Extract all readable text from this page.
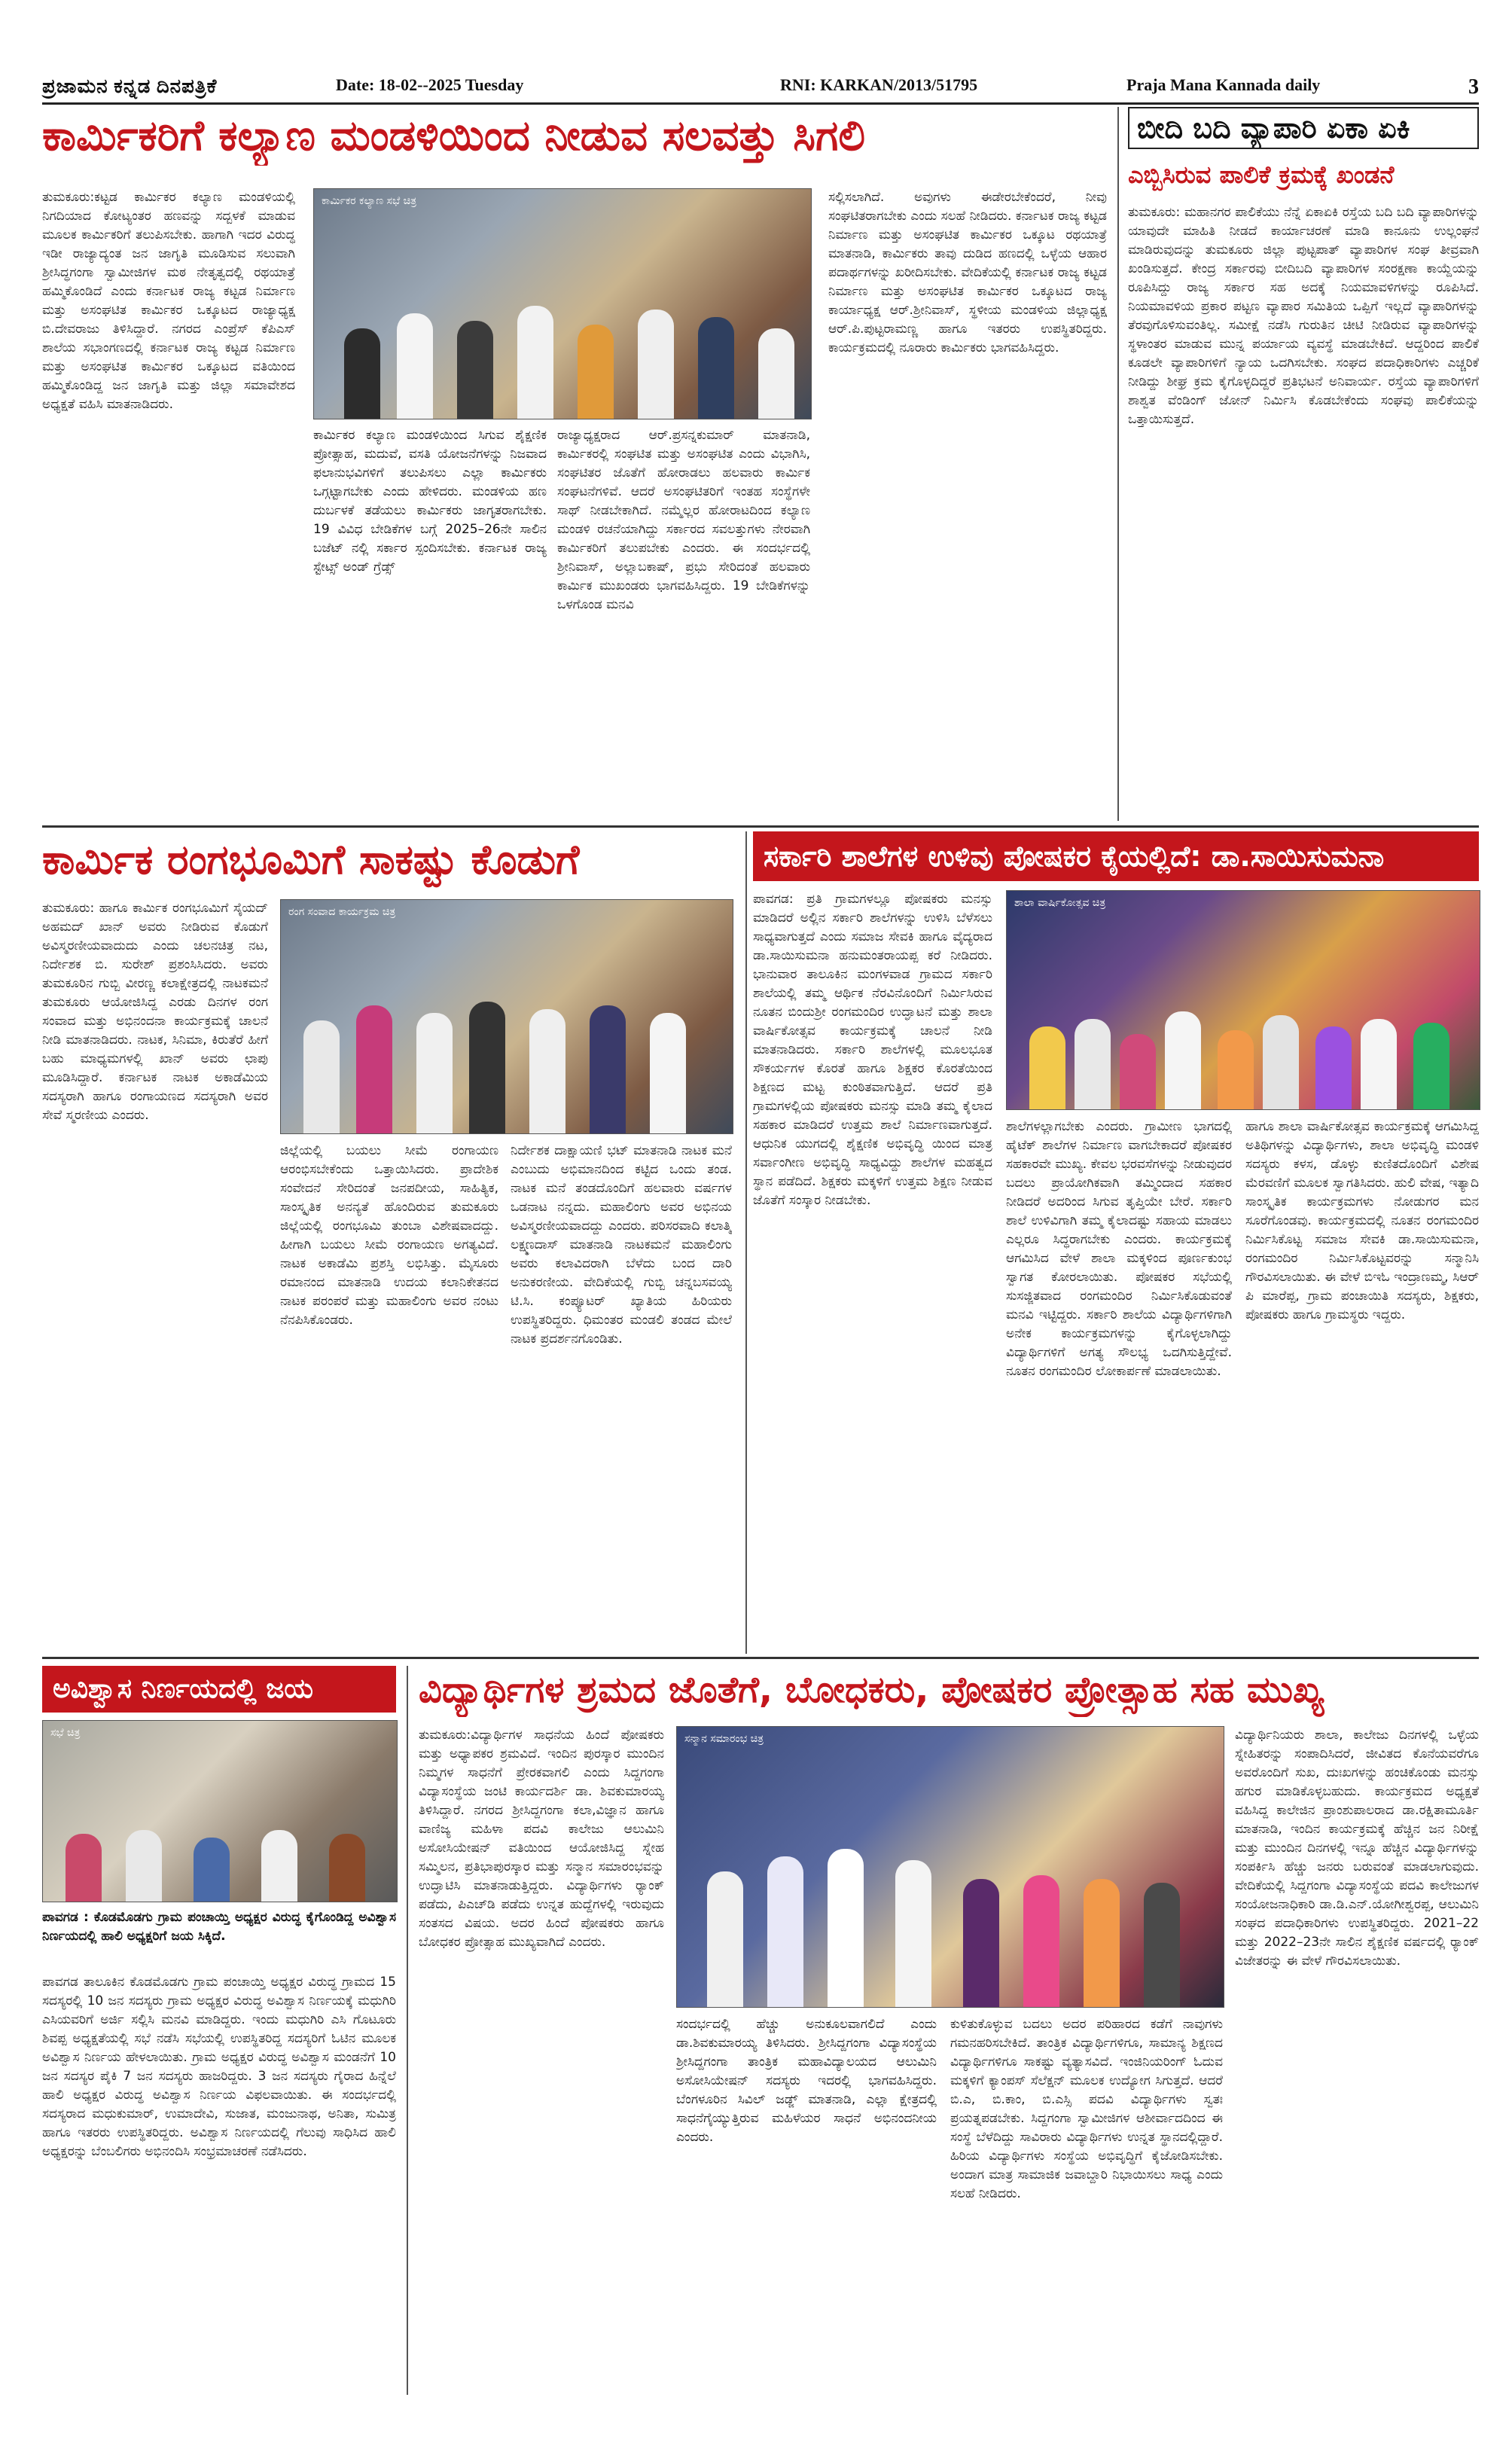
ಪ್ರಜಾಮನ ಕನ್ನಡ ದಿನಪತ್ರಿಕೆ	Date: 18-02--2025 Tuesday	RNI: KARKAN/2013/51795	Praja Mana Kannada daily	3
ಕಾರ್ಮಿಕರಿಗೆ ಕಲ್ಯಾಣ ಮಂಡಳಿಯಿಂದ ನೀಡುವ ಸಲವತ್ತು ಸಿಗಲಿ
ತುಮಕೂರು:ಕಟ್ಟಡ ಕಾರ್ಮಿಕರ ಕಲ್ಯಾಣ ಮಂಡಳಿಯಲ್ಲಿ ನಿಗದಿಯಾದ ಕೋಟ್ಯಂತರ ಹಣವನ್ನು ಸದ್ಬಳಕೆ ಮಾಡುವ ಮೂಲಕ ಕಾರ್ಮಿಕರಿಗೆ ತಲುಪಿಸಬೇಕು. ಹಾಗಾಗಿ ಇದರ ವಿರುದ್ಧ ಇಡೀ ರಾಜ್ಯಾದ್ಯಂತ ಜನ ಜಾಗೃತಿ ಮೂಡಿಸುವ ಸಲುವಾಗಿ ಶ್ರೀಸಿದ್ಧಗಂಗಾ ಸ್ವಾಮೀಜಿಗಳ ಮಠ ನೇತೃತ್ವದಲ್ಲಿ ರಥಯಾತ್ರೆ ಹಮ್ಮಿಕೊಂಡಿದೆ ಎಂದು ಕರ್ನಾಟಕ ರಾಜ್ಯ ಕಟ್ಟಡ ನಿರ್ಮಾಣ ಮತ್ತು ಅಸಂಘಟಿತ ಕಾರ್ಮಿಕರ ಒಕ್ಕೂಟದ ರಾಜ್ಯಾಧ್ಯಕ್ಷ ಬಿ.ದೇವರಾಜು ತಿಳಿಸಿದ್ದಾರೆ. ನಗರದ ಎಂಪ್ರೆಸ್ ಕೆಪಿಎಸ್ ಶಾಲೆಯ ಸಭಾಂಗಣದಲ್ಲಿ ಕರ್ನಾಟಕ ರಾಜ್ಯ ಕಟ್ಟಡ ನಿರ್ಮಾಣ ಮತ್ತು ಅಸಂಘಟಿತ ಕಾರ್ಮಿಕರ ಒಕ್ಕೂಟದ ವತಿಯಿಂದ ಹಮ್ಮಿಕೊಂಡಿದ್ದ ಜನ ಜಾಗೃತಿ ಮತ್ತು ಜಿಲ್ಲಾ ಸಮಾವೇಶದ ಅಧ್ಯಕ್ಷತೆ ವಹಿಸಿ ಮಾತನಾಡಿದರು.
ಕಾರ್ಮಿಕರ ಕಲ್ಯಾಣ ಸಭೆ ಚಿತ್ರ
ಕಾರ್ಮಿಕರ ಕಲ್ಯಾಣ ಮಂಡಳಿಯಿಂದ ಸಿಗುವ ಶೈಕ್ಷಣಿಕ ಪ್ರೋತ್ಸಾಹ, ಮದುವೆ, ವಸತಿ ಯೋಜನೆಗಳನ್ನು ನಿಜವಾದ ಫಲಾನುಭವಿಗಳಿಗೆ ತಲುಪಿಸಲು ಎಲ್ಲಾ ಕಾರ್ಮಿಕರು ಒಗ್ಗಟ್ಟಾಗಬೇಕು ಎಂದು ಹೇಳಿದರು. ಮಂಡಳಿಯ ಹಣ ದುರ್ಬಳಕೆ ತಡೆಯಲು ಕಾರ್ಮಿಕರು ಜಾಗೃತರಾಗಬೇಕು. 19 ವಿವಿಧ ಬೇಡಿಕೆಗಳ ಬಗ್ಗೆ 2025–26ನೇ ಸಾಲಿನ ಬಜೆಟ್ ನಲ್ಲಿ ಸರ್ಕಾರ ಸ್ಪಂದಿಸಬೇಕು. ಕರ್ನಾಟಕ ರಾಜ್ಯ ಸ್ಟೇಟ್ಸ್ ಅಂಡ್ ಗ್ರೆಡ್ಸ್
ರಾಜ್ಯಾಧ್ಯಕ್ಷರಾದ ಆರ್.ಪ್ರಸನ್ನಕುಮಾರ್ ಮಾತನಾಡಿ, ಕಾರ್ಮಿಕರಲ್ಲಿ ಸಂಘಟಿತ ಮತ್ತು ಅಸಂಘಟಿತ ಎಂದು ವಿಭಾಗಿಸಿ, ಸಂಘಟಿತರ ಜೊತೆಗೆ ಹೋರಾಡಲು ಹಲವಾರು ಕಾರ್ಮಿಕ ಸಂಘಟನೆಗಳಿವೆ. ಆದರೆ ಅಸಂಘಟಿತರಿಗೆ ಇಂತಹ ಸಂಸ್ಥೆಗಳೇ ಸಾಥ್ ನೀಡಬೇಕಾಗಿದೆ. ನಮ್ಮೆಲ್ಲರ ಹೋರಾಟದಿಂದ ಕಲ್ಯಾಣ ಮಂಡಳಿ ರಚನೆಯಾಗಿದ್ದು ಸರ್ಕಾರದ ಸವಲತ್ತುಗಳು ನೇರವಾಗಿ ಕಾರ್ಮಿಕರಿಗೆ ತಲುಪಬೇಕು ಎಂದರು. ಈ ಸಂದರ್ಭದಲ್ಲಿ ಶ್ರೀನಿವಾಸ್, ಅಲ್ಲಾಬಕಾಷ್, ಪ್ರಭು ಸೇರಿದಂತೆ ಹಲವಾರು ಕಾರ್ಮಿಕ ಮುಖಂಡರು ಭಾಗವಹಿಸಿದ್ದರು. 19 ಬೇಡಿಕೆಗಳನ್ನು ಒಳಗೊಂಡ ಮನವಿ
ಸಲ್ಲಿಸಲಾಗಿದೆ. ಅವುಗಳು ಈಡೇರಬೇಕೆಂದರೆ, ನೀವು ಸಂಘಟಿತರಾಗಬೇಕು ಎಂದು ಸಲಹೆ ನೀಡಿದರು. ಕರ್ನಾಟಕ ರಾಜ್ಯ ಕಟ್ಟಡ ನಿರ್ಮಾಣ ಮತ್ತು ಅಸಂಘಟಿತ ಕಾರ್ಮಿಕರ ಒಕ್ಕೂಟ ರಥಯಾತ್ರೆ ಮಾತನಾಡಿ, ಕಾರ್ಮಿಕರು ತಾವು ದುಡಿದ ಹಣದಲ್ಲಿ ಒಳ್ಳೆಯ ಆಹಾರ ಪದಾರ್ಥಗಳನ್ನು ಖರೀದಿಸಬೇಕು. ವೇದಿಕೆಯಲ್ಲಿ ಕರ್ನಾಟಕ ರಾಜ್ಯ ಕಟ್ಟಡ ನಿರ್ಮಾಣ ಮತ್ತು ಅಸಂಘಟಿತ ಕಾರ್ಮಿಕರ ಒಕ್ಕೂಟದ ರಾಜ್ಯ ಕಾರ್ಯಾಧ್ಯಕ್ಷ ಆರ್.ಶ್ರೀನಿವಾಸ್, ಸ್ಥಳೀಯ ಮಂಡಳಿಯ ಜಿಲ್ಲಾಧ್ಯಕ್ಷ ಆರ್.ಪಿ.ಪುಟ್ಟರಾಮಣ್ಣ ಹಾಗೂ ಇತರರು ಉಪಸ್ಥಿತರಿದ್ದರು. ಕಾರ್ಯಕ್ರಮದಲ್ಲಿ ನೂರಾರು ಕಾರ್ಮಿಕರು ಭಾಗವಹಿಸಿದ್ದರು.
ಬೀದಿ ಬದಿ ವ್ಯಾಪಾರಿ ಏಕಾ ಏಕಿ
ಎಬ್ಬಿಸಿರುವ ಪಾಲಿಕೆ ಕ್ರಮಕ್ಕೆ ಖಂಡನೆ
ತುಮಕೂರು: ಮಹಾನಗರ ಪಾಲಿಕೆಯು ನೆನ್ನೆ ಏಕಾಏಕಿ ರಸ್ತೆಯ ಬದಿ ಬದಿ ವ್ಯಾಪಾರಿಗಳನ್ನು ಯಾವುದೇ ಮಾಹಿತಿ ನೀಡದೆ ಕಾರ್ಯಾಚರಣೆ ಮಾಡಿ ಕಾನೂನು ಉಲ್ಲಂಘನೆ ಮಾಡಿರುವುದನ್ನು ತುಮಕೂರು ಜಿಲ್ಲಾ ಪುಟ್ಟಪಾತ್ ವ್ಯಾಪಾರಿಗಳ ಸಂಘ ತೀವ್ರವಾಗಿ ಖಂಡಿಸುತ್ತದೆ. ಕೇಂದ್ರ ಸರ್ಕಾರವು ಬೀದಿಬದಿ ವ್ಯಾಪಾರಿಗಳ ಸಂರಕ್ಷಣಾ ಕಾಯ್ದೆಯನ್ನು ರೂಪಿಸಿದ್ದು ರಾಜ್ಯ ಸರ್ಕಾರ ಸಹ ಅದಕ್ಕೆ ನಿಯಮಾವಳಿಗಳನ್ನು ರೂಪಿಸಿದೆ. ನಿಯಮಾವಳಿಯ ಪ್ರಕಾರ ಪಟ್ಟಣ ವ್ಯಾಪಾರ ಸಮಿತಿಯ ಒಪ್ಪಿಗೆ ಇಲ್ಲದೆ ವ್ಯಾಪಾರಿಗಳನ್ನು ತೆರವುಗೊಳಿಸುವಂತಿಲ್ಲ. ಸಮೀಕ್ಷೆ ನಡೆಸಿ ಗುರುತಿನ ಚೀಟಿ ನೀಡಿರುವ ವ್ಯಾಪಾರಿಗಳನ್ನು ಸ್ಥಳಾಂತರ ಮಾಡುವ ಮುನ್ನ ಪರ್ಯಾಯ ವ್ಯವಸ್ಥೆ ಮಾಡಬೇಕಿದೆ. ಆದ್ದರಿಂದ ಪಾಲಿಕೆ ಕೂಡಲೇ ವ್ಯಾಪಾರಿಗಳಿಗೆ ನ್ಯಾಯ ಒದಗಿಸಬೇಕು. ಸಂಘದ ಪದಾಧಿಕಾರಿಗಳು ಎಚ್ಚರಿಕೆ ನೀಡಿದ್ದು ಶೀಘ್ರ ಕ್ರಮ ಕೈಗೊಳ್ಳದಿದ್ದರೆ ಪ್ರತಿಭಟನೆ ಅನಿವಾರ್ಯ. ರಸ್ತೆಯ ವ್ಯಾಪಾರಿಗಳಿಗೆ ಶಾಶ್ವತ ವೆಂಡಿಂಗ್ ಜೋನ್ ನಿರ್ಮಿಸಿ ಕೊಡಬೇಕೆಂದು ಸಂಘವು ಪಾಲಿಕೆಯನ್ನು ಒತ್ತಾಯಿಸುತ್ತದೆ.
ಕಾರ್ಮಿಕ ರಂಗಭೂಮಿಗೆ ಸಾಕಷ್ಟು ಕೊಡುಗೆ
ತುಮಕೂರು: ಹಾಗೂ ಕಾರ್ಮಿಕ ರಂಗಭೂಮಿಗೆ ಸೈಯದ್ ಅಹಮದ್ ಖಾನ್ ಅವರು ನೀಡಿರುವ ಕೊಡುಗೆ ಅವಿಸ್ಮರಣೀಯವಾದುದು ಎಂದು ಚಲನಚಿತ್ರ ನಟ, ನಿರ್ದೇಶಕ ಬಿ. ಸುರೇಶ್ ಪ್ರಶಂಸಿಸಿದರು. ಅವರು ತುಮಕೂರಿನ ಗುಬ್ಬಿ ವೀರಣ್ಣ ಕಲಾಕ್ಷೇತ್ರದಲ್ಲಿ ನಾಟಕಮನೆ ತುಮಕೂರು ಆಯೋಜಿಸಿದ್ದ ಎರಡು ದಿನಗಳ ರಂಗ ಸಂವಾದ ಮತ್ತು ಅಭಿನಂದನಾ ಕಾರ್ಯಕ್ರಮಕ್ಕೆ ಚಾಲನೆ ನೀಡಿ ಮಾತನಾಡಿದರು. ನಾಟಕ, ಸಿನಿಮಾ, ಕಿರುತೆರೆ ಹೀಗೆ ಬಹು ಮಾಧ್ಯಮಗಳಲ್ಲಿ ಖಾನ್ ಅವರು ಛಾಪು ಮೂಡಿಸಿದ್ದಾರೆ. ಕರ್ನಾಟಕ ನಾಟಕ ಅಕಾಡೆಮಿಯ ಸದಸ್ಯರಾಗಿ ಹಾಗೂ ರಂಗಾಯಣದ ಸದಸ್ಯರಾಗಿ ಅವರ ಸೇವೆ ಸ್ಮರಣೀಯ ಎಂದರು.
ರಂಗ ಸಂವಾದ ಕಾರ್ಯಕ್ರಮ ಚಿತ್ರ
ಜಿಲ್ಲೆಯಲ್ಲಿ ಬಯಲು ಸೀಮೆ ರಂಗಾಯಣ ಆರಂಭಿಸಬೇಕೆಂದು ಒತ್ತಾಯಿಸಿದರು. ಪ್ರಾದೇಶಿಕ ಸಂವೇದನೆ ಸೇರಿದಂತೆ ಜನಪದೀಯ, ಸಾಹಿತ್ಯಿಕ, ಸಾಂಸ್ಕೃತಿಕ ಅನನ್ಯತೆ ಹೊಂದಿರುವ ತುಮಕೂರು ಜಿಲ್ಲೆಯಲ್ಲಿ ರಂಗಭೂಮಿ ತುಂಬಾ ವಿಶೇಷವಾದದ್ದು. ಹೀಗಾಗಿ ಬಯಲು ಸೀಮೆ ರಂಗಾಯಣ ಅಗತ್ಯವಿದೆ. ನಾಟಕ ಅಕಾಡೆಮಿ ಪ್ರಶಸ್ತಿ ಲಭಿಸಿತ್ತು. ಮೈಸೂರು ರಮಾನಂದ ಮಾತನಾಡಿ ಉದಯ ಕಲಾನಿಕೇತನದ ನಾಟಕ ಪರಂಪರೆ ಮತ್ತು ಮಹಾಲಿಂಗು ಅವರ ನಂಟು ನೆನಪಿಸಿಕೊಂಡರು.
ನಿರ್ದೇಶಕ ದಾಕ್ಷಾಯಣಿ ಭಟ್ ಮಾತನಾಡಿ ನಾಟಕ ಮನೆ ಎಂಬುದು ಅಭಿಮಾನದಿಂದ ಕಟ್ಟಿದ ಒಂದು ತಂಡ. ನಾಟಕ ಮನೆ ತಂಡದೊಂದಿಗೆ ಹಲವಾರು ವರ್ಷಗಳ ಒಡನಾಟ ನನ್ನದು. ಮಹಾಲಿಂಗು ಅವರ ಅಭಿನಯ ಅವಿಸ್ಮರಣೀಯವಾದದ್ದು ಎಂದರು. ಪರಿಸರವಾದಿ ಕಲಾತ್ಮಿ ಲಕ್ಷ್ಮಣದಾಸ್ ಮಾತನಾಡಿ ನಾಟಕಮನೆ ಮಹಾಲಿಂಗು ಅವರು ಕಲಾವಿದರಾಗಿ ಬೆಳೆದು ಬಂದ ದಾರಿ ಅನುಕರಣೀಯ. ವೇದಿಕೆಯಲ್ಲಿ ಗುಬ್ಬಿ ಚನ್ನಬಸವಯ್ಯ ಟಿ.ಸಿ. ಕಂಪ್ಯೂಟರ್ ಖ್ಯಾತಿಯ ಹಿರಿಯರು ಉಪಸ್ಥಿತರಿದ್ದರು. ಧಿಮಂತರ ಮಂಡಲಿ ತಂಡದ ಮೇಲೆ ನಾಟಕ ಪ್ರದರ್ಶನಗೊಂಡಿತು.
ಸರ್ಕಾರಿ ಶಾಲೆಗಳ ಉಳಿವು ಪೋಷಕರ ಕೈಯಲ್ಲಿದೆ: ಡಾ.ಸಾಯಿಸುಮನಾ
ಪಾವಗಡ: ಪ್ರತಿ ಗ್ರಾಮಗಳಲ್ಲೂ ಪೋಷಕರು ಮನಸ್ಸು ಮಾಡಿದರೆ ಅಲ್ಲಿನ ಸರ್ಕಾರಿ ಶಾಲೆಗಳನ್ನು ಉಳಿಸಿ ಬೆಳೆಸಲು ಸಾಧ್ಯವಾಗುತ್ತದೆ ಎಂದು ಸಮಾಜ ಸೇವಕಿ ಹಾಗೂ ವೈದ್ಯರಾದ ಡಾ.ಸಾಯಿಸುಮನಾ ಹನುಮಂತರಾಯಪ್ಪ ಕರೆ ನೀಡಿದರು. ಭಾನುವಾರ ತಾಲೂಕಿನ ಮಂಗಳವಾಡ ಗ್ರಾಮದ ಸರ್ಕಾರಿ ಶಾಲೆಯಲ್ಲಿ ತಮ್ಮ ಆರ್ಥಿಕ ನೆರವಿನೊಂದಿಗೆ ನಿರ್ಮಿಸಿರುವ ನೂತನ ಬಿಂದುಶ್ರೀ ರಂಗಮಂದಿರ ಉದ್ಘಾಟನೆ ಮತ್ತು ಶಾಲಾ ವಾರ್ಷಿಕೋತ್ಸವ ಕಾರ್ಯಕ್ರಮಕ್ಕೆ ಚಾಲನೆ ನೀಡಿ ಮಾತನಾಡಿದರು. ಸರ್ಕಾರಿ ಶಾಲೆಗಳಲ್ಲಿ ಮೂಲಭೂತ ಸೌಕರ್ಯಗಳ ಕೊರತೆ ಹಾಗೂ ಶಿಕ್ಷಕರ ಕೊರತೆಯಿಂದ ಶಿಕ್ಷಣದ ಮಟ್ಟ ಕುಂಠಿತವಾಗುತ್ತಿದೆ. ಆದರೆ ಪ್ರತಿ ಗ್ರಾಮಗಳಲ್ಲಿಯ ಪೋಷಕರು ಮನಸ್ಸು ಮಾಡಿ ತಮ್ಮ ಕೈಲಾದ ಸಹಕಾರ ಮಾಡಿದರೆ ಉತ್ತಮ ಶಾಲೆ ನಿರ್ಮಾಣವಾಗುತ್ತದೆ. ಆಧುನಿಕ ಯುಗದಲ್ಲಿ ಶೈಕ್ಷಣಿಕ ಅಭಿವೃದ್ಧಿ ಯಿಂದ ಮಾತ್ರ ಸರ್ವಾಂಗೀಣ ಅಭಿವೃದ್ಧಿ ಸಾಧ್ಯವಿದ್ದು ಶಾಲೆಗಳ ಮಹತ್ವದ ಸ್ಥಾನ ಪಡೆದಿದೆ. ಶಿಕ್ಷಕರು ಮಕ್ಕಳಿಗೆ ಉತ್ತಮ ಶಿಕ್ಷಣ ನೀಡುವ ಜೊತೆಗೆ ಸಂಸ್ಕಾರ ನೀಡಬೇಕು.
ಶಾಲಾ ವಾರ್ಷಿಕೋತ್ಸವ ಚಿತ್ರ
ಶಾಲೆಗಳಲ್ಲಾಗಬೇಕು ಎಂದರು. ಗ್ರಾಮೀಣ ಭಾಗದಲ್ಲಿ ಹೈಟೆಕ್ ಶಾಲೆಗಳ ನಿರ್ಮಾಣ ವಾಗಬೇಕಾದರೆ ಪೋಷಕರ ಸಹಕಾರವೇ ಮುಖ್ಯ. ಕೇವಲ ಭರವಸೆಗಳನ್ನು ನೀಡುವುದರ ಬದಲು ಪ್ರಾಯೋಗಿಕವಾಗಿ ತಮ್ಮಿಂದಾದ ಸಹಕಾರ ನೀಡಿದರೆ ಅದರಿಂದ ಸಿಗುವ ತೃಪ್ತಿಯೇ ಬೇರೆ. ಸರ್ಕಾರಿ ಶಾಲೆ ಉಳಿವಿಗಾಗಿ ತಮ್ಮ ಕೈಲಾದಷ್ಟು ಸಹಾಯ ಮಾಡಲು ಎಲ್ಲರೂ ಸಿದ್ಧರಾಗಬೇಕು ಎಂದರು. ಕಾರ್ಯಕ್ರಮಕ್ಕೆ ಆಗಮಿಸಿದ ವೇಳೆ ಶಾಲಾ ಮಕ್ಕಳಿಂದ ಪೂರ್ಣಕುಂಭ ಸ್ವಾಗತ ಕೋರಲಾಯಿತು. ಪೋಷಕರ ಸಭೆಯಲ್ಲಿ ಸುಸಜ್ಜಿತವಾದ ರಂಗಮಂದಿರ ನಿರ್ಮಿಸಿಕೊಡುವಂತೆ ಮನವಿ ಇಟ್ಟಿದ್ದರು. ಸರ್ಕಾರಿ ಶಾಲೆಯ ವಿದ್ಯಾರ್ಥಿಗಳಿಗಾಗಿ ಅನೇಕ ಕಾರ್ಯಕ್ರಮಗಳನ್ನು ಕೈಗೊಳ್ಳಲಾಗಿದ್ದು ವಿದ್ಯಾರ್ಥಿಗಳಿಗೆ ಅಗತ್ಯ ಸೌಲಭ್ಯ ಒದಗಿಸುತ್ತಿದ್ದೇವೆ. ನೂತನ ರಂಗಮಂದಿರ ಲೋಕಾರ್ಪಣೆ ಮಾಡಲಾಯಿತು.
ಹಾಗೂ ಶಾಲಾ ವಾರ್ಷಿಕೋತ್ಸವ ಕಾರ್ಯಕ್ರಮಕ್ಕೆ ಆಗಮಿಸಿದ್ದ ಅತಿಥಿಗಳನ್ನು ವಿದ್ಯಾರ್ಥಿಗಳು, ಶಾಲಾ ಅಭಿವೃದ್ಧಿ ಮಂಡಳಿ ಸದಸ್ಯರು ಕಳಸ, ಡೊಳ್ಳು ಕುಣಿತದೊಂದಿಗೆ ವಿಶೇಷ ಮೆರವಣಿಗೆ ಮೂಲಕ ಸ್ವಾಗತಿಸಿದರು. ಹುಲಿ ವೇಷ, ಇತ್ಯಾದಿ ಸಾಂಸ್ಕೃತಿಕ ಕಾರ್ಯಕ್ರಮಗಳು ನೋಡುಗರ ಮನ ಸೂರೆಗೊಂಡವು. ಕಾರ್ಯಕ್ರಮದಲ್ಲಿ ನೂತನ ರಂಗಮಂದಿರ ನಿರ್ಮಿಸಿಕೊಟ್ಟ ಸಮಾಜ ಸೇವಕಿ ಡಾ.ಸಾಯಿಸುಮನಾ, ರಂಗಮಂದಿರ ನಿರ್ಮಿಸಿಕೊಟ್ಟವರನ್ನು ಸನ್ಮಾನಿಸಿ ಗೌರವಿಸಲಾಯಿತು. ಈ ವೇಳೆ ಬಿಇಓ ಇಂದ್ರಾಣಮ್ಮ, ಸಿಆರ್ ಪಿ ಮಾರೆಪ್ಪ, ಗ್ರಾಮ ಪಂಚಾಯಿತಿ ಸದಸ್ಯರು, ಶಿಕ್ಷಕರು, ಪೋಷಕರು ಹಾಗೂ ಗ್ರಾಮಸ್ಥರು ಇದ್ದರು.
ಅವಿಶ್ವಾಸ ನಿರ್ಣಯದಲ್ಲಿ ಜಯ
ಸಭೆ ಚಿತ್ರ
ಪಾವಗಡ : ಕೊಡಮೊಡಗು ಗ್ರಾಮ ಪಂಚಾಯ್ತಿ ಅಧ್ಯಕ್ಷರ ವಿರುದ್ಧ ಕೈಗೊಂಡಿದ್ದ ಅವಿಶ್ವಾಸ ನಿರ್ಣಯದಲ್ಲಿ ಹಾಲಿ ಅಧ್ಯಕ್ಷರಿಗೆ ಜಯ ಸಿಕ್ಕಿದೆ.
ಪಾವಗಡ ತಾಲೂಕಿನ ಕೊಡಮೊಡಗು ಗ್ರಾಮ ಪಂಚಾಯ್ತಿ ಅಧ್ಯಕ್ಷರ ವಿರುದ್ಧ ಗ್ರಾಮದ 15 ಸದಸ್ಯರಲ್ಲಿ 10 ಜನ ಸದಸ್ಯರು ಗ್ರಾಮ ಅಧ್ಯಕ್ಷರ ವಿರುದ್ಧ ಅವಿಶ್ವಾಸ ನಿರ್ಣಯಕ್ಕೆ ಮಧುಗಿರಿ ಎಸಿಯವರಿಗೆ ಅರ್ಜಿ ಸಲ್ಲಿಸಿ ಮನವಿ ಮಾಡಿದ್ದರು. ಇಂದು ಮಧುಗಿರಿ ಎಸಿ ಗೊಟೂರು ಶಿವಪ್ಪ ಅಧ್ಯಕ್ಷತೆಯಲ್ಲಿ ಸಭೆ ನಡೆಸಿ ಸಭೆಯಲ್ಲಿ ಉಪಸ್ಥಿತರಿದ್ದ ಸದಸ್ಯರಿಗೆ ಓಟಿನ ಮೂಲಕ ಅವಿಶ್ವಾಸ ನಿರ್ಣಯ ಹೇಳಲಾಯಿತು. ಗ್ರಾಮ ಅಧ್ಯಕ್ಷರ ವಿರುದ್ಧ ಅವಿಶ್ವಾಸ ಮಂಡನೆಗೆ 10 ಜನ ಸದಸ್ಯರ ಪೈಕಿ 7 ಜನ ಸದಸ್ಯರು ಹಾಜರಿದ್ದರು. 3 ಜನ ಸದಸ್ಯರು ಗೈರಾದ ಹಿನ್ನೆಲೆ ಹಾಲಿ ಅಧ್ಯಕ್ಷರ ವಿರುದ್ಧ ಅವಿಶ್ವಾಸ ನಿರ್ಣಯ ವಿಫಲವಾಯಿತು. ಈ ಸಂದರ್ಭದಲ್ಲಿ ಸದಸ್ಯರಾದ ಮಧುಕುಮಾರ್, ಉಮಾದೇವಿ, ಸುಜಾತ, ಮಂಜುನಾಥ, ಅನಿತಾ, ಸುಮಿತ್ರ ಹಾಗೂ ಇತರರು ಉಪಸ್ಥಿತರಿದ್ದರು. ಅವಿಶ್ವಾಸ ನಿರ್ಣಯದಲ್ಲಿ ಗೆಲುವು ಸಾಧಿಸಿದ ಹಾಲಿ ಅಧ್ಯಕ್ಷರನ್ನು ಬೆಂಬಲಿಗರು ಅಭಿನಂದಿಸಿ ಸಂಭ್ರಮಾಚರಣೆ ನಡೆಸಿದರು.
ವಿದ್ಯಾರ್ಥಿಗಳ ಶ್ರಮದ ಜೊತೆಗೆ, ಬೋಧಕರು, ಪೋಷಕರ ಪ್ರೋತ್ಸಾಹ ಸಹ ಮುಖ್ಯ
ತುಮಕೂರು:ವಿದ್ಯಾರ್ಥಿಗಳ ಸಾಧನೆಯ ಹಿಂದೆ ಪೋಷಕರು ಮತ್ತು ಅಧ್ಯಾಪಕರ ಶ್ರಮವಿದೆ. ಇಂದಿನ ಪುರಸ್ಕಾರ ಮುಂದಿನ ನಿಮ್ಮಗಳ ಸಾಧನೆಗೆ ಪ್ರೇರಕವಾಗಲಿ ಎಂದು ಸಿದ್ದಗಂಗಾ ವಿದ್ಯಾಸಂಸ್ಥೆಯ ಜಂಟಿ ಕಾರ್ಯದರ್ಶಿ ಡಾ. ಶಿವಕುಮಾರಯ್ಯ ತಿಳಿಸಿದ್ದಾರೆ. ನಗರದ ಶ್ರೀಸಿದ್ದಗಂಗಾ ಕಲಾ,ವಿಜ್ಞಾನ ಹಾಗೂ ವಾಣಿಜ್ಯ ಮಹಿಳಾ ಪದವಿ ಕಾಲೇಜು ಆಲುಮಿನಿ ಅಸೋಸಿಯೇಷನ್ ವತಿಯಿಂದ ಆಯೋಜಿಸಿದ್ದ ಸ್ನೇಹ ಸಮ್ಮಿಲನ, ಪ್ರತಿಭಾಪುರಸ್ಕಾರ ಮತ್ತು ಸನ್ಮಾನ ಸಮಾರಂಭವನ್ನು ಉದ್ಘಾಟಿಸಿ ಮಾತನಾಡುತ್ತಿದ್ದರು. ವಿದ್ಯಾರ್ಥಿಗಳು ರ್‍ಯಾಂಕ್ ಪಡೆದು, ಪಿಎಚ್‌ಡಿ ಪಡೆದು ಉನ್ನತ ಹುದ್ದೆಗಳಲ್ಲಿ ಇರುವುದು ಸಂತಸದ ವಿಷಯ. ಅದರ ಹಿಂದೆ ಪೋಷಕರು ಹಾಗೂ ಬೋಧಕರ ಪ್ರೋತ್ಸಾಹ ಮುಖ್ಯವಾಗಿದೆ ಎಂದರು.
ಸನ್ಮಾನ ಸಮಾರಂಭ ಚಿತ್ರ
ಸಂದರ್ಭದಲ್ಲಿ ಹೆಚ್ಚು ಅನುಕೂಲವಾಗಲಿದೆ ಎಂದು ಡಾ.ಶಿವಕುಮಾರಯ್ಯ ತಿಳಿಸಿದರು. ಶ್ರೀಸಿದ್ದಗಂಗಾ ವಿದ್ಯಾಸಂಸ್ಥೆಯ ಶ್ರೀಸಿದ್ದಗಂಗಾ ತಾಂತ್ರಿಕ ಮಹಾವಿದ್ಯಾಲಯದ ಆಲುಮಿನಿ ಅಸೋಸಿಯೇಷನ್ ಸದಸ್ಯರು ಇದರಲ್ಲಿ ಭಾಗವಹಿಸಿದ್ದರು. ಬೆಂಗಳೂರಿನ ಸಿವಿಲ್ ಜಡ್ಜ್ ಮಾತನಾಡಿ, ಎಲ್ಲಾ ಕ್ಷೇತ್ರದಲ್ಲಿ ಸಾಧನೆಗೈಯ್ಯುತ್ತಿರುವ ಮಹಿಳೆಯರ ಸಾಧನೆ ಅಭಿನಂದನೀಯ ಎಂದರು.
ಕುಳಿತುಕೊಳ್ಳುವ ಬದಲು ಅದರ ಪರಿಹಾರದ ಕಡೆಗೆ ನಾವುಗಳು ಗಮನಹರಿಸಬೇಕಿದೆ. ತಾಂತ್ರಿಕ ವಿದ್ಯಾರ್ಥಿಗಳಿಗೂ, ಸಾಮಾನ್ಯ ಶಿಕ್ಷಣದ ವಿದ್ಯಾರ್ಥಿಗಳಿಗೂ ಸಾಕಷ್ಟು ವ್ಯತ್ಯಾಸವಿದೆ. ಇಂಜಿನಿಯರಿಂಗ್ ಓದುವ ಮಕ್ಕಳಿಗೆ ಕ್ಯಾಂಪಸ್ ಸೆಲೆಕ್ಷನ್ ಮೂಲಕ ಉದ್ಯೋಗ ಸಿಗುತ್ತದೆ. ಆದರೆ ಬಿ.ಎ, ಬಿ.ಕಾಂ, ಬಿ.ಎಸ್ಸಿ ಪದವಿ ವಿದ್ಯಾರ್ಥಿಗಳು ಸ್ವತಃ ಪ್ರಯತ್ನಪಡಬೇಕು. ಸಿದ್ದಗಂಗಾ ಸ್ವಾಮೀಜಿಗಳ ಆಶೀರ್ವಾದದಿಂದ ಈ ಸಂಸ್ಥೆ ಬೆಳೆದಿದ್ದು ಸಾವಿರಾರು ವಿದ್ಯಾರ್ಥಿಗಳು ಉನ್ನತ ಸ್ಥಾನದಲ್ಲಿದ್ದಾರೆ. ಹಿರಿಯ ವಿದ್ಯಾರ್ಥಿಗಳು ಸಂಸ್ಥೆಯ ಅಭಿವೃದ್ಧಿಗೆ ಕೈಜೋಡಿಸಬೇಕು. ಅಂದಾಗ ಮಾತ್ರ ಸಾಮಾಜಿಕ ಜವಾಬ್ದಾರಿ ನಿಭಾಯಿಸಲು ಸಾಧ್ಯ ಎಂದು ಸಲಹೆ ನೀಡಿದರು.
ವಿದ್ಯಾರ್ಥಿನಿಯರು ಶಾಲಾ, ಕಾಲೇಜು ದಿನಗಳಲ್ಲಿ ಒಳ್ಳೆಯ ಸ್ನೇಹಿತರನ್ನು ಸಂಪಾದಿಸಿದರೆ, ಜೀವಿತದ ಕೊನೆಯವರೆಗೂ ಅವರೊಂದಿಗೆ ಸುಖ, ದುಃಖಗಳನ್ನು ಹಂಚಿಕೊಂಡು ಮನಸ್ಸು ಹಗುರ ಮಾಡಿಕೊಳ್ಳಬಹುದು. ಕಾರ್ಯಕ್ರಮದ ಅಧ್ಯಕ್ಷತೆ ವಹಿಸಿದ್ದ ಕಾಲೇಜಿನ ಪ್ರಾಂಶುಪಾಲರಾದ ಡಾ.ರಕ್ಷಿತಾಮೂರ್ತಿ ಮಾತನಾಡಿ, ಇಂದಿನ ಕಾರ್ಯಕ್ರಮಕ್ಕೆ ಹೆಚ್ಚಿನ ಜನ ನಿರೀಕ್ಷೆ ಮತ್ತು ಮುಂದಿನ ದಿನಗಳಲ್ಲಿ ಇನ್ನೂ ಹೆಚ್ಚಿನ ವಿದ್ಯಾರ್ಥಿಗಳನ್ನು ಸಂಪರ್ಕಿಸಿ ಹೆಚ್ಚು ಜನರು ಬರುವಂತೆ ಮಾಡಲಾಗುವುದು. ವೇದಿಕೆಯಲ್ಲಿ ಸಿದ್ದಗಂಗಾ ವಿದ್ಯಾಸಂಸ್ಥೆಯ ಪದವಿ ಕಾಲೇಜುಗಳ ಸಂಯೋಜನಾಧಿಕಾರಿ ಡಾ.ಡಿ.ಎನ್.ಯೋಗೀಶ್ವರಪ್ಪ, ಆಲುಮಿನಿ ಸಂಘದ ಪದಾಧಿಕಾರಿಗಳು ಉಪಸ್ಥಿತರಿದ್ದರು. 2021–22 ಮತ್ತು 2022–23ನೇ ಸಾಲಿನ ಶೈಕ್ಷಣಿಕ ವರ್ಷದಲ್ಲಿ ರ್‍ಯಾಂಕ್ ವಿಜೇತರನ್ನು ಈ ವೇಳೆ ಗೌರವಿಸಲಾಯಿತು.
